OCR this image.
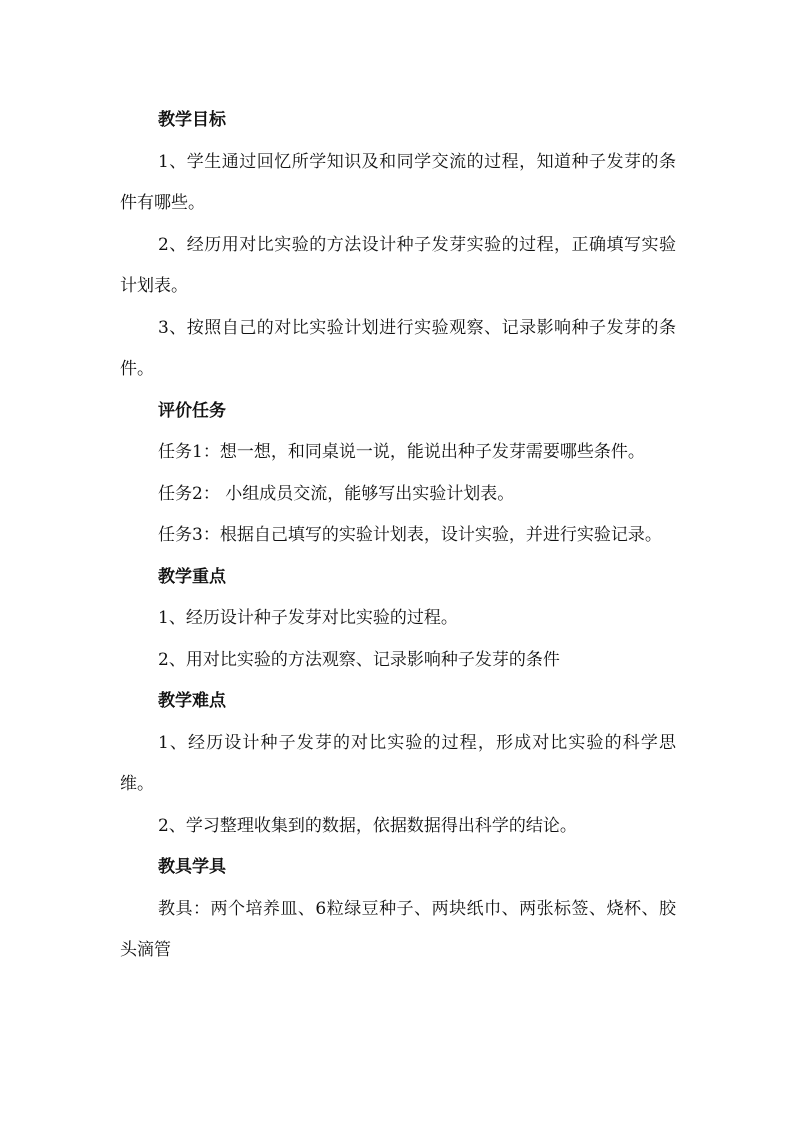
教学目标

1、学生通过回忆所学知识及和同学交流的过程，知道种子发芽的条件有哪些。

2、经历用对比实验的方法设计种子发芽实验的过程，正确填写实验计划表。

3、按照自己的对比实验计划进行实验观察、记录影响种子发芽的条件。

评价任务

任务1：想一想，和同桌说一说，能说出种子发芽需要哪些条件。

任务2： 小组成员交流，能够写出实验计划表。

任务3：根据自己填写的实验计划表，设计实验，并进行实验记录。

教学重点

1、经历设计种子发芽对比实验的过程。

2、用对比实验的方法观察、记录影响种子发芽的条件

教学难点

1、经历设计种子发芽的对比实验的过程，形成对比实验的科学思维。

2、学习整理收集到的数据，依据数据得出科学的结论。

教具学具

教具：两个培养皿、6粒绿豆种子、两块纸巾、两张标签、烧杯、胶头滴管
